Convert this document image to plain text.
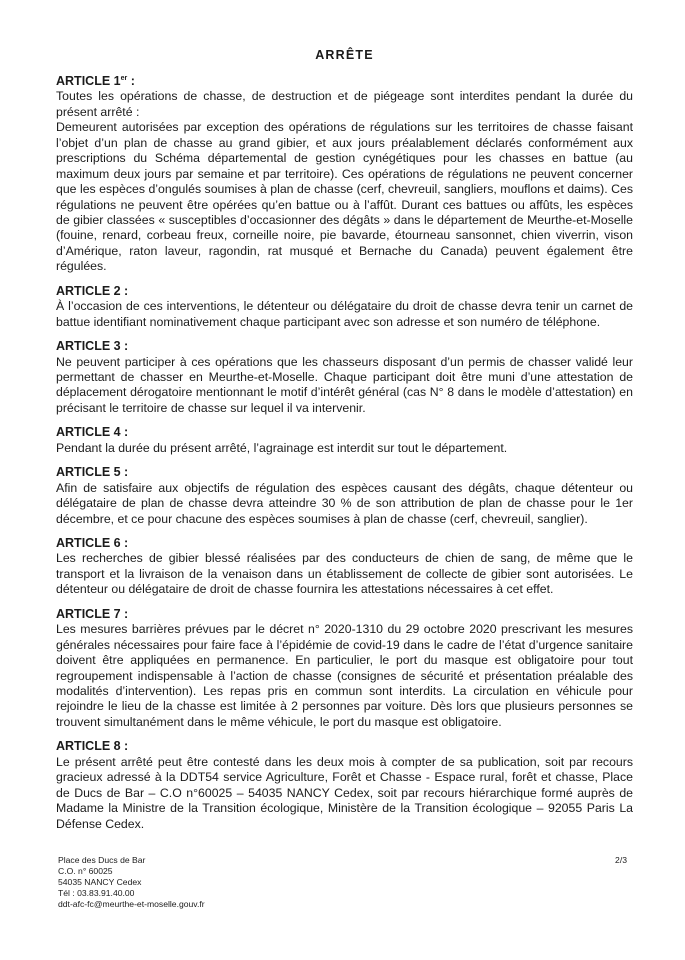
ARRÊTE
ARTICLE 1er :
Toutes les opérations de chasse, de destruction et de piégeage sont interdites pendant la durée du présent arrêté :
Demeurent autorisées par exception des opérations de régulations sur les territoires de chasse faisant l’objet d’un plan de chasse au grand gibier, et aux jours préalablement déclarés conformément aux prescriptions du Schéma départemental de gestion cynégétiques pour les chasses en battue (au maximum deux jours par semaine et par territoire). Ces opérations de régulations ne peuvent concerner que les espèces d’ongulés soumises à plan de chasse (cerf, chevreuil, sangliers, mouflons et daims). Ces régulations ne peuvent être opérées qu’en battue ou à l’affût. Durant ces battues ou affûts, les espèces de gibier classées « susceptibles d’occasionner des dégâts » dans le département de Meurthe-et-Moselle (fouine, renard, corbeau freux, corneille noire, pie bavarde, étourneau sansonnet, chien viverrin, vison d’Amérique, raton laveur, ragondin, rat musqué et Bernache du Canada) peuvent également être régulées.
ARTICLE 2 :
À l’occasion de ces interventions, le détenteur ou délégataire du droit de chasse devra tenir un carnet de battue identifiant nominativement chaque participant avec son adresse et son numéro de téléphone.
ARTICLE 3 :
Ne peuvent participer à ces opérations que les chasseurs disposant d’un permis de chasser validé leur permettant de chasser en Meurthe-et-Moselle. Chaque participant doit être muni d’une attestation de déplacement dérogatoire mentionnant le motif d’intérêt général (cas N° 8 dans le modèle d’attestation) en précisant le territoire de chasse sur lequel il va intervenir.
ARTICLE 4 :
Pendant la durée du présent arrêté, l’agrainage est interdit sur tout le département.
ARTICLE 5 :
Afin de satisfaire aux objectifs de régulation des espèces causant des dégâts, chaque détenteur ou délégataire de plan de chasse devra atteindre 30 % de son attribution de plan de chasse pour le 1er décembre, et ce pour chacune des espèces soumises à plan de chasse (cerf, chevreuil, sanglier).
ARTICLE 6 :
Les recherches de gibier blessé réalisées par des conducteurs de chien de sang, de même que le transport et la livraison de la venaison dans un établissement de collecte de gibier sont autorisées. Le détenteur ou délégataire de droit de chasse fournira les attestations nécessaires à cet effet.
ARTICLE 7 :
Les mesures barrières prévues par le décret n° 2020-1310 du 29 octobre 2020 prescrivant les mesures générales nécessaires pour faire face à l’épidémie de covid-19 dans le cadre de l’état d’urgence sanitaire doivent être appliquées en permanence. En particulier, le port du masque est obligatoire pour tout regroupement indispensable à l’action de chasse (consignes de sécurité et présentation préalable des modalités d’intervention). Les repas pris en commun sont interdits. La circulation en véhicule pour rejoindre le lieu de la chasse est limitée à 2 personnes par voiture. Dès lors que plusieurs personnes se trouvent simultanément dans le même véhicule, le port du masque est obligatoire.
ARTICLE 8 :
Le présent arrêté peut être contesté dans les deux mois à compter de sa publication, soit par recours gracieux adressé à la DDT54 service Agriculture, Forêt et Chasse - Espace rural, forêt et chasse, Place de Ducs de Bar – C.O n°60025 – 54035 NANCY Cedex, soit par recours hiérarchique formé auprès de Madame la Ministre de la Transition écologique, Ministère de la Transition écologique – 92055 Paris La Défense Cedex.
Place des Ducs de Bar
C.O. n° 60025
54035 NANCY Cedex
Tél : 03.83.91.40.00
ddt-afc-fc@meurthe-et-moselle.gouv.fr
2/3
